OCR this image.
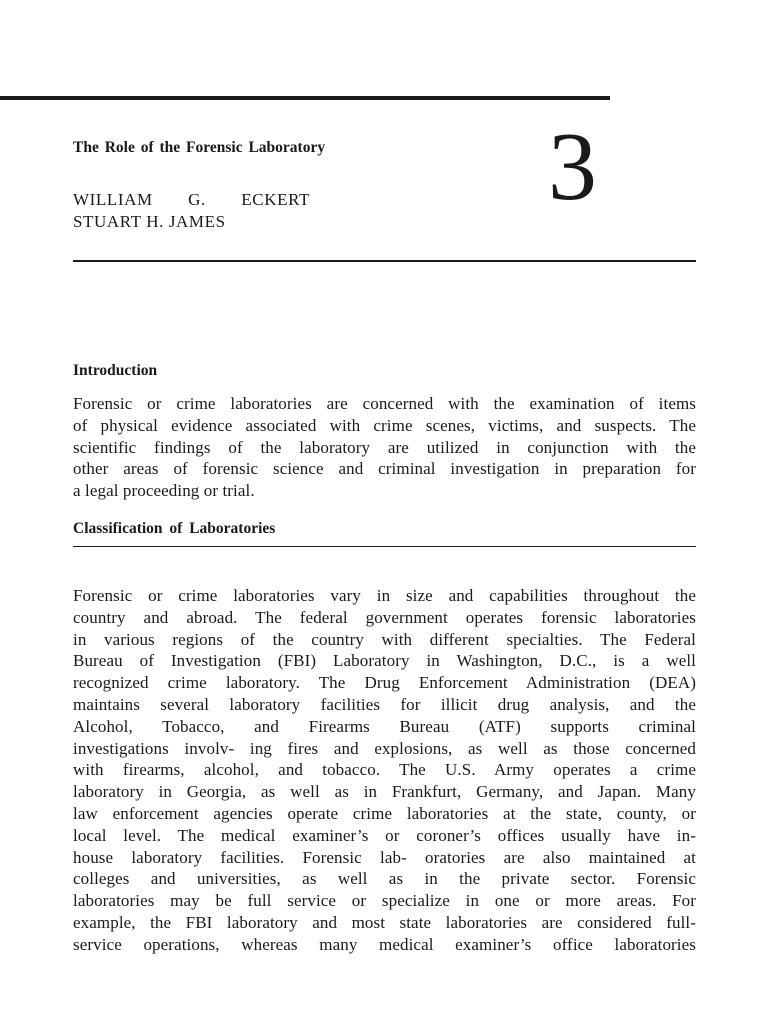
The Role of the Forensic Laboratory 3
WILLIAM G. ECKERT STUART H. JAMES
Introduction
Forensic or crime laboratories are concerned with the examination of items
of physical evidence associated with crime scenes, victims, and suspects. The
scientific findings of the laboratory are utilized in conjunction with the
other areas of forensic science and criminal investigation in preparation for
a legal proceeding or trial.
Classification of Laboratories
Forensic or crime laboratories vary in size and capabilities throughout the
country and abroad. The federal government operates forensic laboratories
in various regions of the country with different specialties. The Federal
Bureau of Investigation (FBI) Laboratory in Washington, D.C., is a well
recognized crime laboratory. The Drug Enforcement Administration (DEA)
maintains several laboratory facilities for illicit drug analysis, and the
Alcohol, Tobacco, and Firearms Bureau (ATF) supports criminal
investigations involv- ing fires and explosions, as well as those concerned
with firearms, alcohol, and tobacco. The U.S. Army operates a crime
laboratory in Georgia, as well as in Frankfurt, Germany, and Japan. Many
law enforcement agencies operate crime laboratories at the state, county, or
local level. The medical examiner’s or coroner’s offices usually have in-
house laboratory facilities. Forensic lab- oratories are also maintained at
colleges and universities, as well as in the private sector. Forensic
laboratories may be full service or specialize in one or more areas. For
example, the FBI laboratory and most state laboratories are considered full-
service operations, whereas many medical examiner’s office laboratories
